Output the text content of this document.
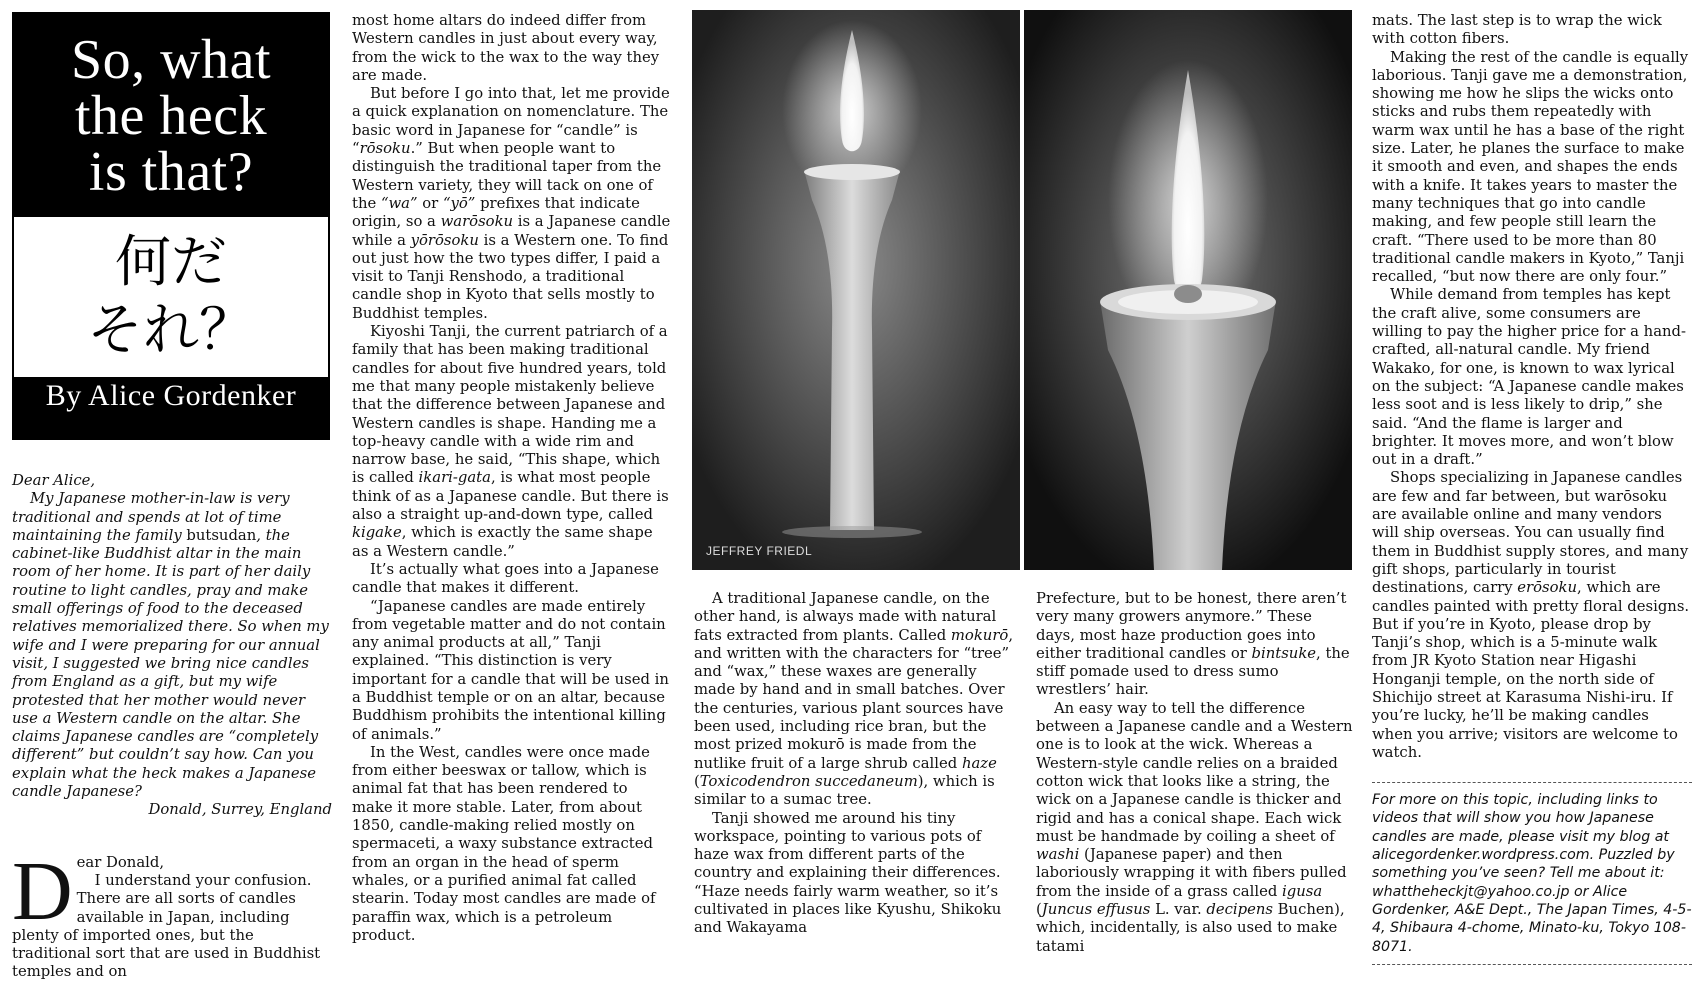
So, what
the heck
is that?
何だ
それ？
By Alice Gordenker

Dear Alice,

My Japanese mother-in-law is very traditional and spends at lot of time maintaining the family butsudan, the cabinet-like Buddhist altar in the main room of her home. It is part of her daily routine to light candles, pray and make small offerings of food to the deceased relatives memorialized there. So when my wife and I were preparing for our annual visit, I suggested we bring nice candles from England as a gift, but my wife protested that her mother would never use a Western candle on the altar. She claims Japanese candles are “completely different” but couldn’t say how. Can you explain what the heck makes a Japanese candle Japanese?

Donald, Surrey, England

D ear Donald,

I understand your confusion. There are all sorts of candles available in Japan, including plenty of imported ones, but the traditional sort that are used in Buddhist temples and on

most home altars do indeed differ from Western candles in just about every way, from the wick to the wax to the way they are made.

But before I go into that, let me provide a quick explanation on nomenclature. The basic word in Japanese for “candle” is “rōsoku.” But when people want to distinguish the traditional taper from the Western variety, they will tack on one of the “wa” or “yō” prefixes that indicate origin, so a warōsoku is a Japanese candle while a yōrōsoku is a Western one. To find out just how the two types differ, I paid a visit to Tanji Renshodo, a traditional candle shop in Kyoto that sells mostly to Buddhist temples.

Kiyoshi Tanji, the current patriarch of a family that has been making traditional candles for about five hundred years, told me that many people mistakenly believe that the difference between Japanese and Western candles is shape. Handing me a top-heavy candle with a wide rim and narrow base, he said, “This shape, which is called ikari-gata, is what most people think of as a Japanese candle. But there is also a straight up-and-down type, called kigake, which is exactly the same shape as a Western candle.”

It’s actually what goes into a Japanese candle that makes it different.

“Japanese candles are made entirely from vegetable matter and do not contain any animal products at all,” Tanji explained. “This distinction is very important for a candle that will be used in a Buddhist temple or on an altar, because Buddhism prohibits the intentional killing of animals.”

In the West, candles were once made from either beeswax or tallow, which is animal fat that has been rendered to make it more stable. Later, from about 1850, candle-making relied mostly on spermaceti, a waxy substance extracted from an organ in the head of sperm whales, or a purified animal fat called stearin. Today most candles are made of paraffin wax, which is a petroleum product.

JEFFREY FRIEDL

A traditional Japanese candle, on the other hand, is always made with natural fats extracted from plants. Called mokurō, and written with the characters for “tree” and “wax,” these waxes are generally made by hand and in small batches. Over the centuries, various plant sources have been used, including rice bran, but the most prized mokurō is made from the nutlike fruit of a large shrub called haze (Toxicodendron succedaneum), which is similar to a sumac tree.

Tanji showed me around his tiny workspace, pointing to various pots of haze wax from different parts of the country and explaining their differences. “Haze needs fairly warm weather, so it’s cultivated in places like Kyushu, Shikoku and Wakayama

Prefecture, but to be honest, there aren’t very many growers anymore.” These days, most haze production goes into either traditional candles or bintsuke, the stiff pomade used to dress sumo wrestlers’ hair.

An easy way to tell the difference between a Japanese candle and a Western one is to look at the wick. Whereas a Western-style candle relies on a braided cotton wick that looks like a string, the wick on a Japanese candle is thicker and rigid and has a conical shape. Each wick must be handmade by coiling a sheet of washi (Japanese paper) and then laboriously wrapping it with fibers pulled from the inside of a grass called igusa (Juncus effusus L. var. decipens Buchen), which, incidentally, is also used to make tatami

mats. The last step is to wrap the wick with cotton fibers.

Making the rest of the candle is equally laborious. Tanji gave me a demonstration, showing me how he slips the wicks onto sticks and rubs them repeatedly with warm wax until he has a base of the right size. Later, he planes the surface to make it smooth and even, and shapes the ends with a knife. It takes years to master the many techniques that go into candle making, and few people still learn the craft. “There used to be more than 80 traditional candle makers in Kyoto,” Tanji recalled, “but now there are only four.”

While demand from temples has kept the craft alive, some consumers are willing to pay the higher price for a hand-crafted, all-natural candle. My friend Wakako, for one, is known to wax lyrical on the subject: “A Japanese candle makes less soot and is less likely to drip,” she said. “And the flame is larger and brighter. It moves more, and won’t blow out in a draft.”

Shops specializing in Japanese candles are few and far between, but warōsoku are available online and many vendors will ship overseas. You can usually find them in Buddhist supply stores, and many gift shops, particularly in tourist destinations, carry erōsoku, which are candles painted with pretty floral designs. But if you’re in Kyoto, please drop by Tanji’s shop, which is a 5-minute walk from JR Kyoto Station near Higashi Honganji temple, on the north side of Shichijo street at Karasuma Nishi-iru. If you’re lucky, he’ll be making candles when you arrive; visitors are welcome to watch.

For more on this topic, including links to videos that will show you how Japanese candles are made, please visit my blog at alicegordenker.wordpress.com. Puzzled by something you’ve seen? Tell me about it: whattheheckjt@yahoo.co.jp or Alice Gordenker, A&E Dept., The Japan Times, 4-5-4, Shibaura 4-chome, Minato-ku, Tokyo 108-8071.
